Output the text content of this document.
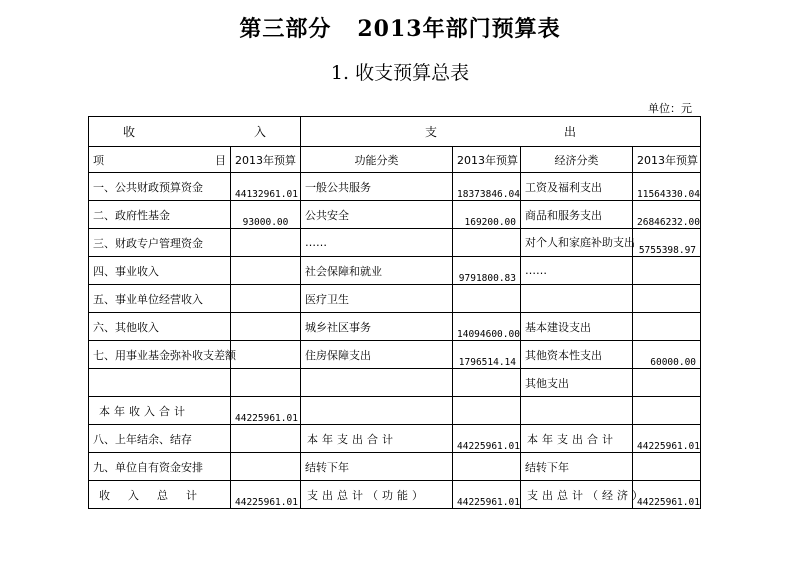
第三部分   2013年部门预算表
1. 收支预算总表
单位：元
收 入		支 出			

项 目	2013年预算	功能分类	2013年预算	经济分类	2013年预算
一、公共财政预算资金	44132961.01	一般公共服务	18373846.04	工资及福利支出	11564330.04
二、政府性基金	93000.00	公共安全	169200.00	商品和服务支出	26846232.00
三、财政专户管理资金		……		对个人和家庭补助支出	5755398.97
四、事业收入		社会保障和就业	9791800.83	……	
五、事业单位经营收入		医疗卫生			
六、其他收入		城乡社区事务	14094600.00	基本建设支出	
七、用事业基金弥补收支差额		住房保障支出	1796514.14	其他资本性支出	60000.00
				其他支出	
本年收入合计	44225961.01				
八、上年结余、结存		本年支出合计	44225961.01	本年支出合计	44225961.01
九、单位自有资金安排		结转下年		结转下年	
收入总计	44225961.01	支出总计（功能）	44225961.01	支出总计（经济）	44225961.01
